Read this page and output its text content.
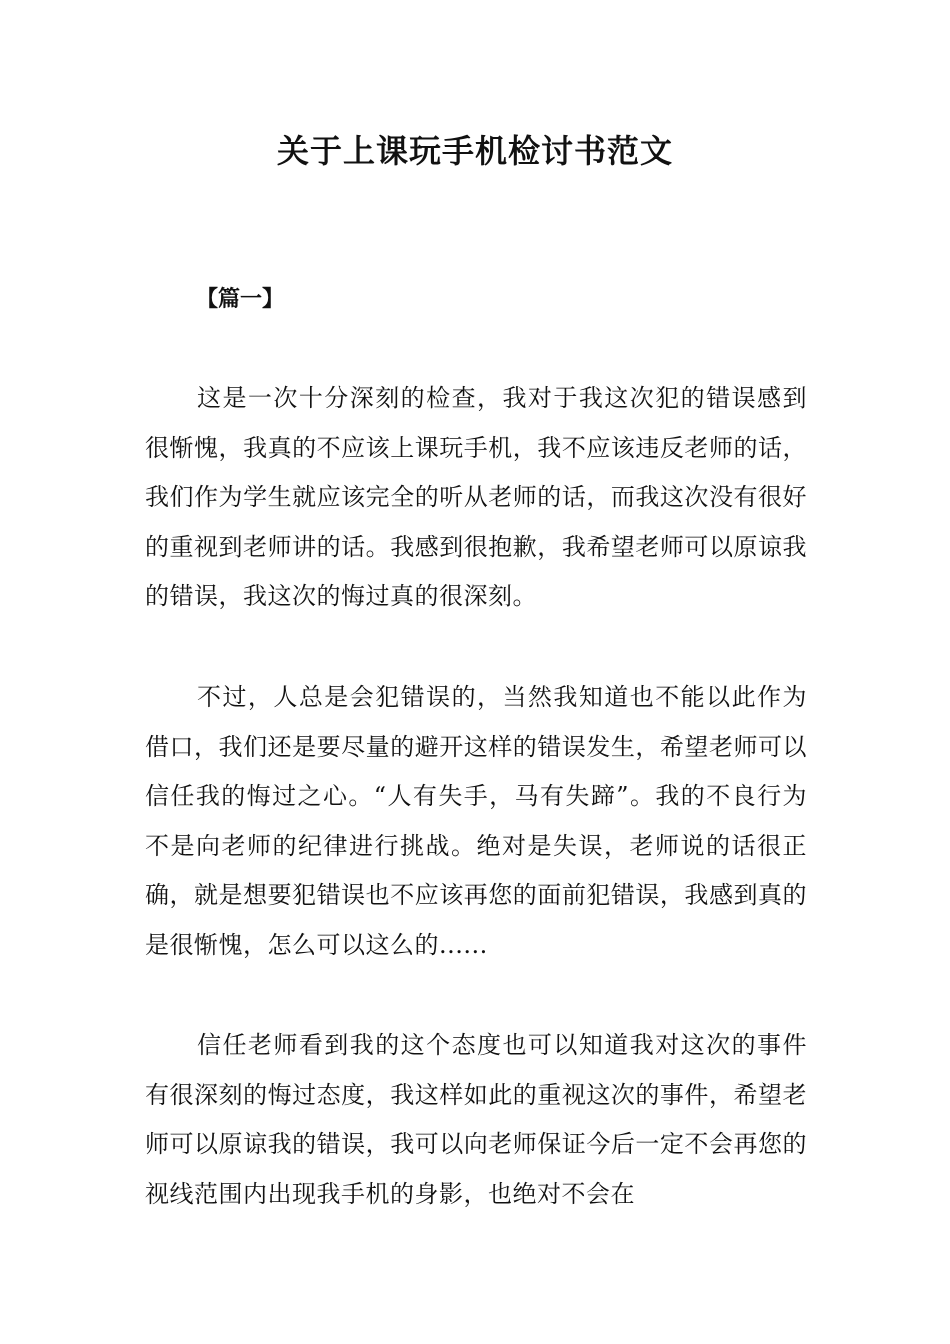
关于上课玩手机检讨书范文
【篇一】

这是一次十分深刻的检查，我对于我这次犯的错误感到很惭愧，我真的不应该上课玩手机，我不应该违反老师的话，我们作为学生就应该完全的听从老师的话，而我这次没有很好的重视到老师讲的话。我感到很抱歉，我希望老师可以原谅我的错误，我这次的悔过真的很深刻。

不过，人总是会犯错误的，当然我知道也不能以此作为借口，我们还是要尽量的避开这样的错误发生，希望老师可以信任我的悔过之心。“人有失手，马有失蹄”。我的不良行为不是向老师的纪律进行挑战。绝对是失误，老师说的话很正确，就是想要犯错误也不应该再您的面前犯错误，我感到真的是很惭愧，怎么可以这么的......

信任老师看到我的这个态度也可以知道我对这次的事件有很深刻的悔过态度，我这样如此的重视这次的事件，希望老师可以原谅我的错误，我可以向老师保证今后一定不会再您的视线范围内出现我手机的身影，也绝对不会在
